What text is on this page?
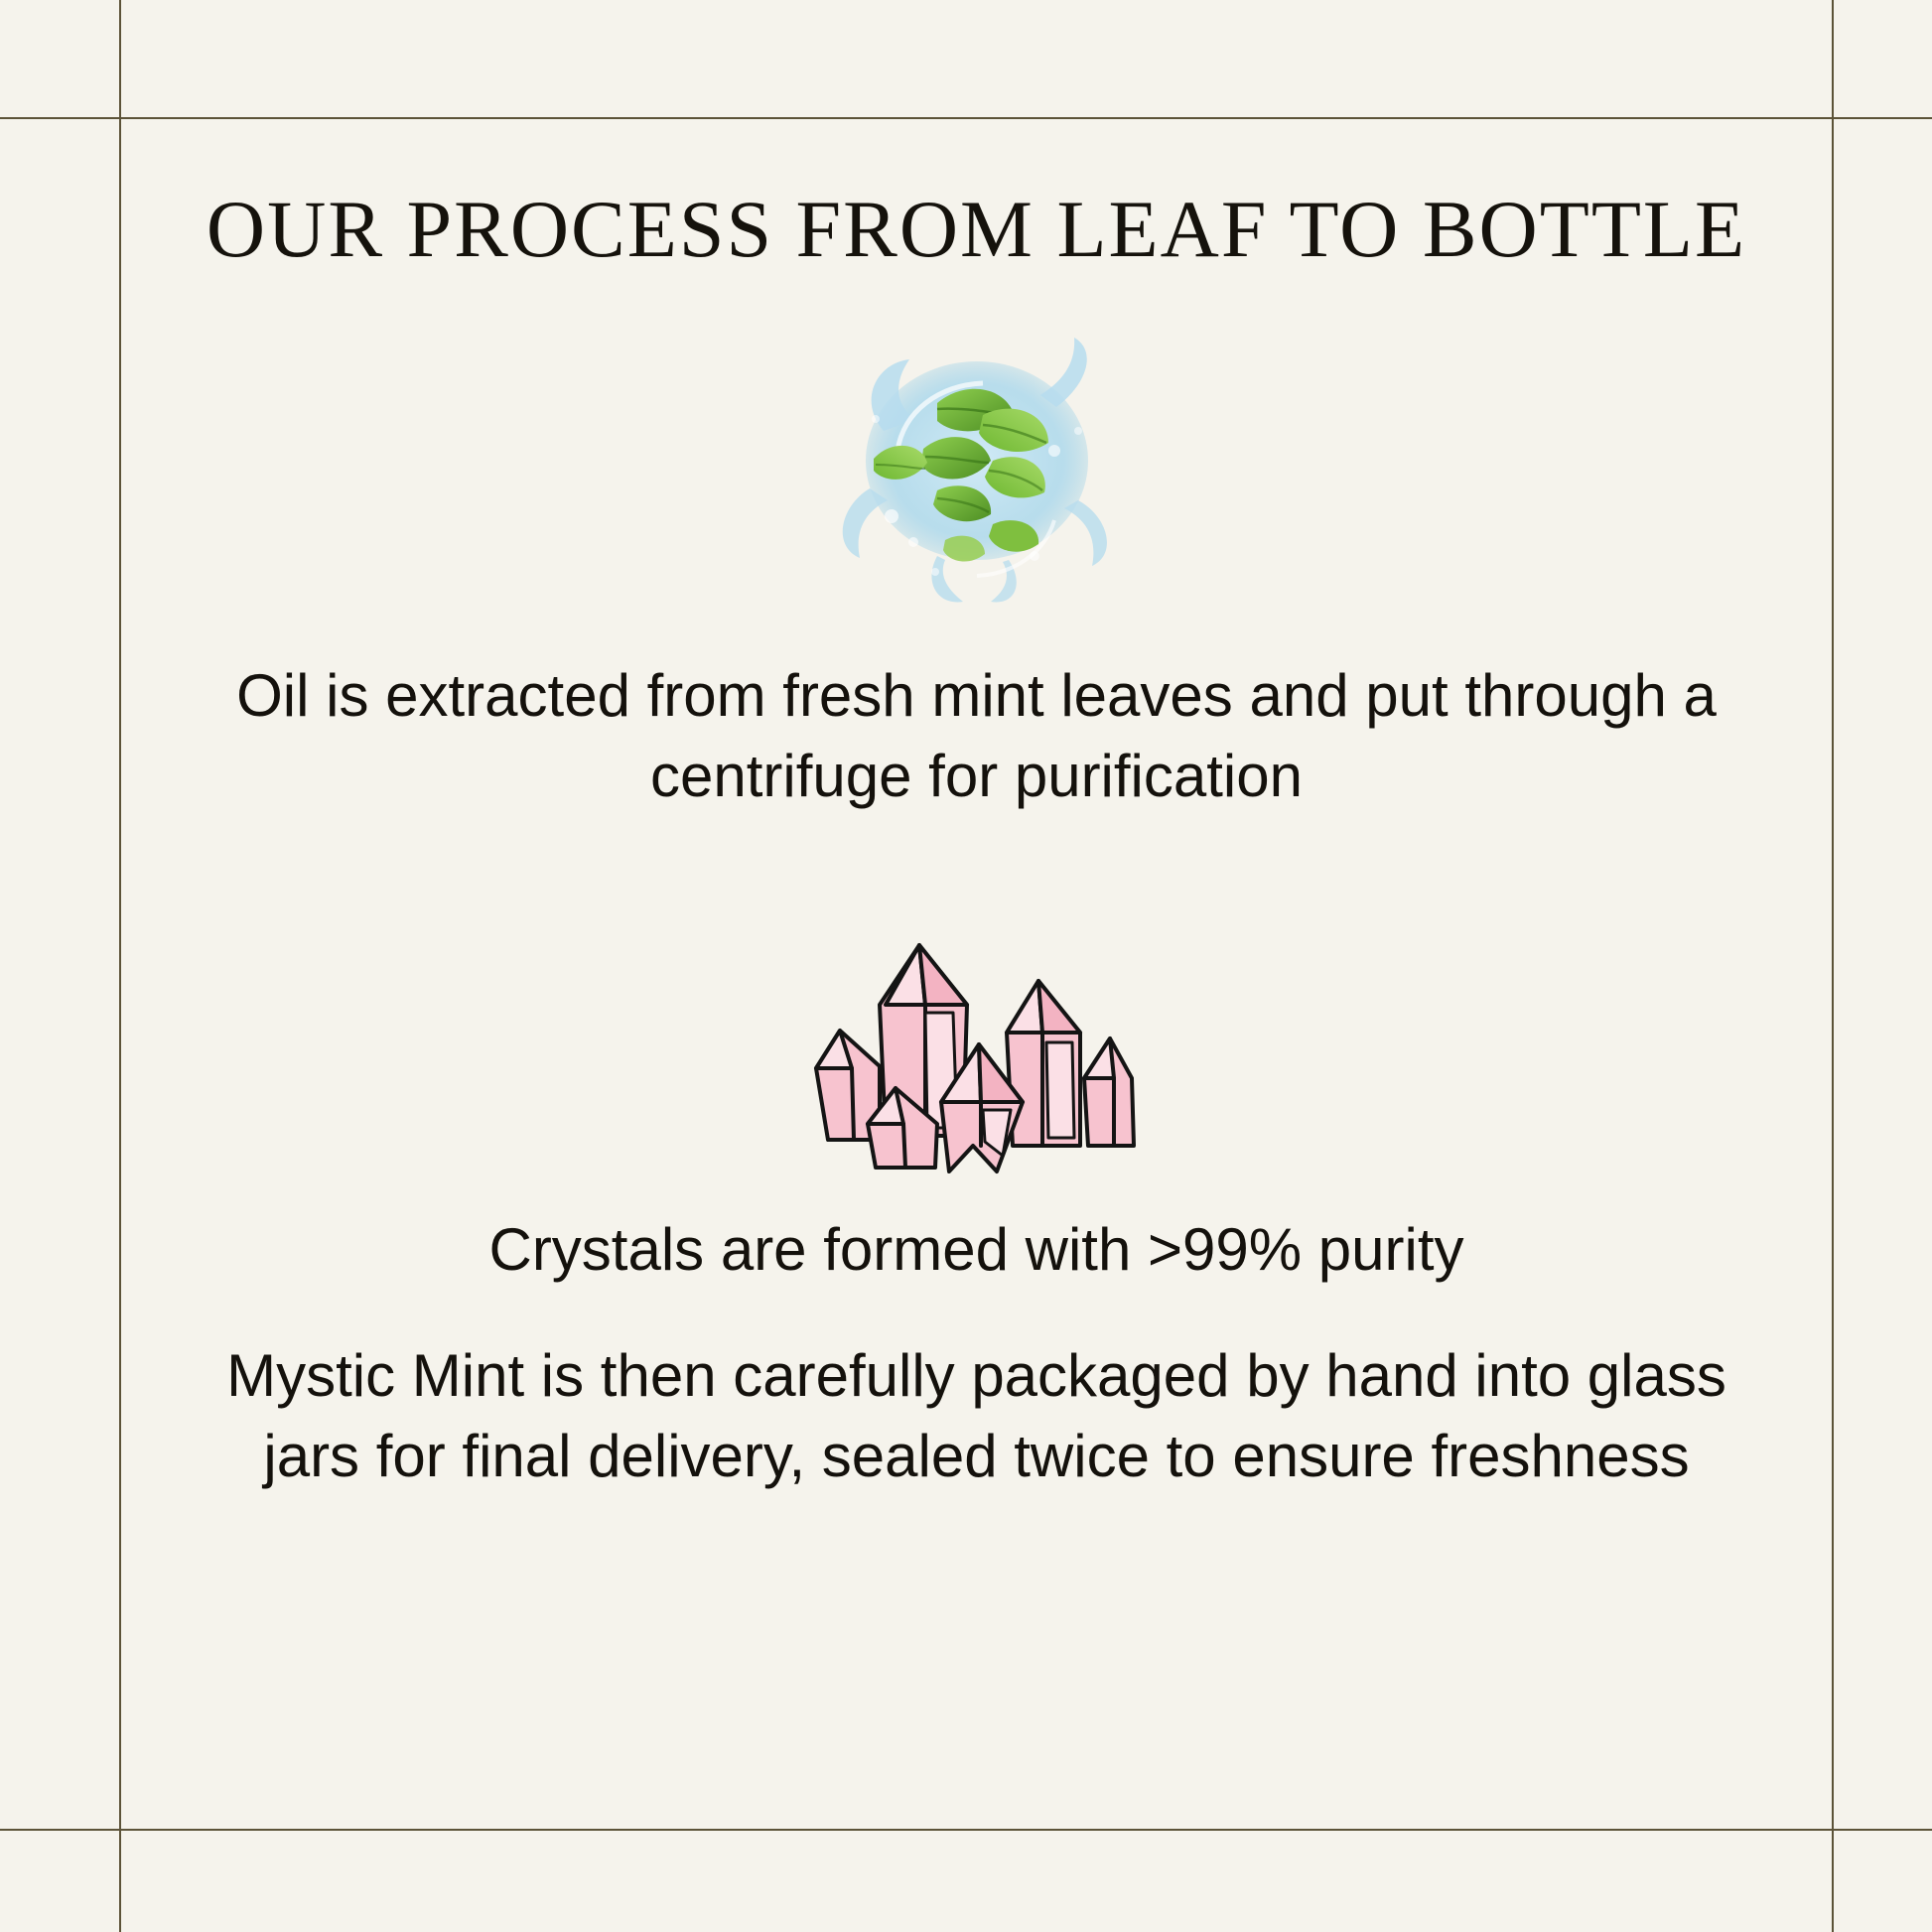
OUR PROCESS FROM LEAF TO BOTTLE
Oil is extracted from fresh mint leaves and put through a centrifuge for purification
Crystals are formed with >99% purity
Mystic Mint is then carefully packaged by hand into glass jars for final delivery, sealed twice to ensure freshness
